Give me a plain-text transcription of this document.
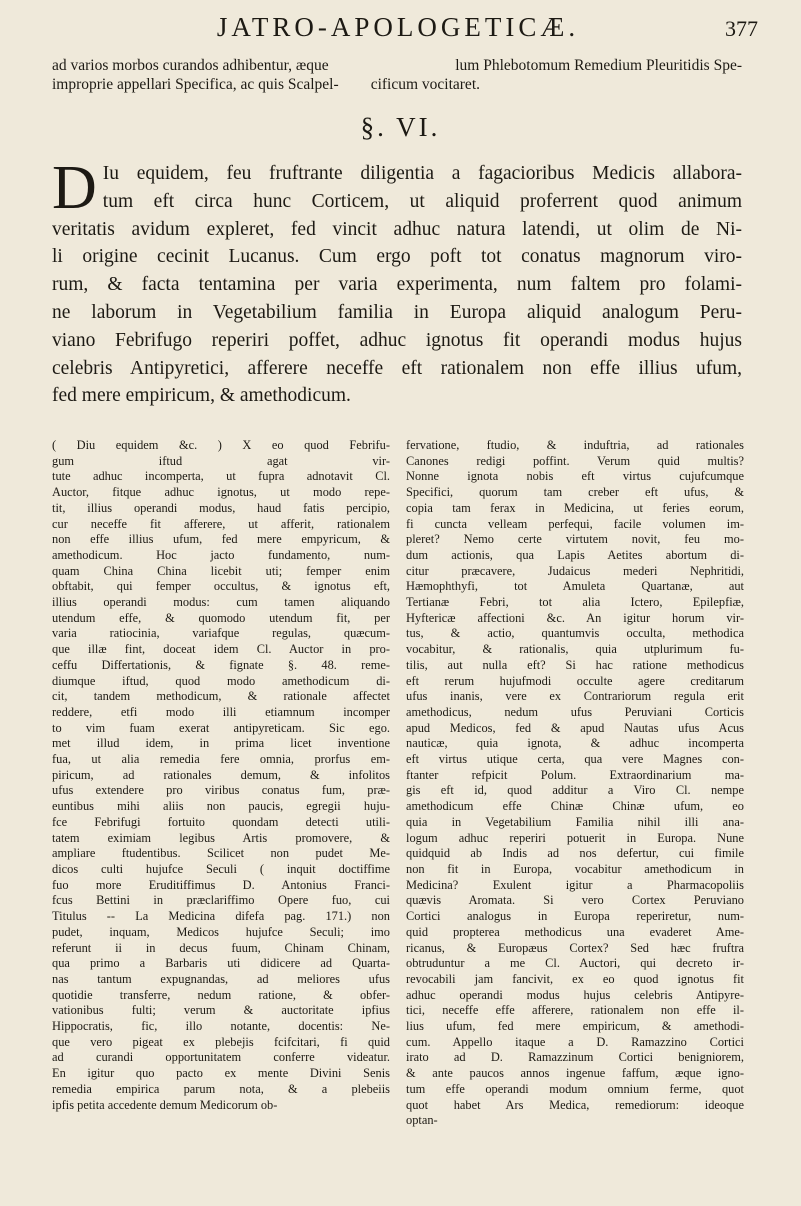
JATRO-APOLOGETICÆ.	377
ad varios morbos curandos adhibentur, æque	lum Phlebotomum Remedium Pleuritidis Spe-
improprie appellari Specifica, ac quis Scalpel- cificum vocitaret.
§. VI.
D Iu equidem, feu fruftrante diligentia a fagacioribus Medicis allabora-
tum eft circa hunc Corticem, ut aliquid proferrent quod animum
veritatis avidum expleret, fed vincit adhuc natura latendi, ut olim de Ni-
li origine cecinit Lucanus. Cum ergo poft tot conatus magnorum viro-
rum, & facta tentamina per varia experimenta, num faltem pro folami-
ne laborum in Vegetabilium familia in Europa aliquid analogum Peru-
viano Febrifugo reperiri poffet, adhuc ignotus fit operandi modus hujus
celebris Antipyretici, afferere neceffe eft rationalem non effe illius ufum,
fed mere empiricum, & amethodicum.
( Diu equidem &c. ) X eo quod Febrifu-
gum iftud agat vir-
tute adhuc incomperta, ut fupra adnotavit Cl.
Auctor, fitque adhuc ignotus, ut modo repe-
tit, illius operandi modus, haud fatis percipio,
cur neceffe fit afferere, ut afferit, rationalem
non effe illius ufum, fed mere empyricum, &
amethodicum. Hoc jacto fundamento, num-
quam China China licebit uti; femper enim
obftabit, qui femper occultus, & ignotus eft,
illius operandi modus: cum tamen aliquando
utendum effe, & quomodo utendum fit, per
varia ratiocinia, variafque regulas, quæcum-
que illæ fint, doceat idem Cl. Auctor in pro-
ceffu Differtationis, & fignate §. 48. reme-
diumque iftud, quod modo amethodicum di-
cit, tandem methodicum, & rationale affectet
reddere, etfi modo illi etiamnum incomper
to vim fuam exerat antipyreticam. Sic ego.
met illud idem, in prima licet inventione
fua, ut alia remedia fere omnia, prorfus em-
piricum, ad rationales demum, & infolitos
ufus extendere pro viribus conatus fum, præ-
euntibus mihi aliis non paucis, egregii huju-
fce Febrifugi fortuito quondam detecti utili-
tatem eximiam legibus Artis promovere, &
ampliare ftudentibus. Scilicet non pudet Me-
dicos culti hujufce Seculi ( inquit doctiffime
fuo more Eruditiffimus D. Antonius Franci-
fcus Bettini in præclariffimo Opere fuo, cui
Titulus -- La Medicina difefa pag. 171.) non
pudet, inquam, Medicos hujufce Seculi; imo
referunt ii in decus fuum, Chinam Chinam,
qua primo a Barbaris uti didicere ad Quarta-
nas tantum expugnandas, ad meliores ufus
quotidie transferre, nedum ratione, & obfer-
vationibus fulti; verum & auctoritate ipfius
Hippocratis, fic, illo notante, docentis: Ne-
que vero pigeat ex plebejis fcifcitari, fi quid
ad curandi opportunitatem conferre videatur.
En igitur quo pacto ex mente Divini Senis
remedia empirica parum nota, & a plebeiis
ipfis petita accedente demum Medicorum ob-
fervatione, ftudio, & induftria, ad rationales
Canones redigi poffint. Verum quid multis?
Nonne ignota nobis eft virtus cujufcumque
Specifici, quorum tam creber eft ufus, &
copia tam ferax in Medicina, ut feries eorum,
fi cuncta velleam perfequi, facile volumen im-
pleret? Nemo certe virtutem novit, feu mo-
dum actionis, qua Lapis Aetites abortum di-
citur præcavere, Judaicus mederi Nephritidi,
Hæmophthyfi, tot Amuleta Quartanæ, aut
Tertianæ Febri, tot alia Ictero, Epilepfiæ,
Hyftericæ affectioni &c. An igitur horum vir-
tus, & actio, quantumvis occulta, methodica
vocabitur, & rationalis, quia utplurimum fu-
tilis, aut nulla eft? Si hac ratione methodicus
eft rerum hujufmodi occulte agere creditarum
ufus inanis, vere ex Contrariorum regula erit
amethodicus, nedum ufus Peruviani Corticis
apud Medicos, fed & apud Nautas ufus Acus
nauticæ, quia ignota, & adhuc incomperta
eft virtus utique certa, qua vere Magnes con-
ftanter refpicit Polum. Extraordinarium ma-
gis eft id, quod additur a Viro Cl. nempe
amethodicum effe Chinæ Chinæ ufum, eo
quia in Vegetabilium Familia nihil illi ana-
logum adhuc reperiri potuerit in Europa. Nune
quidquid ab Indis ad nos defertur, cui fimile
non fit in Europa, vocabitur amethodicum in
Medicina? Exulent igitur a Pharmacopoliis
quævis Aromata. Si vero Cortex Peruviano
Cortici analogus in Europa reperiretur, num-
quid propterea methodicus una evaderet Ame-
ricanus, & Europæus Cortex? Sed hæc fruftra
obtruduntur a me Cl. Auctori, qui decreto ir-
revocabili jam fancivit, ex eo quod ignotus fit
adhuc operandi modus hujus celebris Antipyre-
tici, neceffe effe afferere, rationalem non effe il-
lius ufum, fed mere empiricum, & amethodi-
cum. Appello itaque a D. Ramazzino Cortici
irato ad D. Ramazzinum Cortici benigniorem,
& ante paucos annos ingenue faffum, æque igno-
tum effe operandi modum omnium ferme, quot
quot habet Ars Medica, remediorum: ideoque
optan-
